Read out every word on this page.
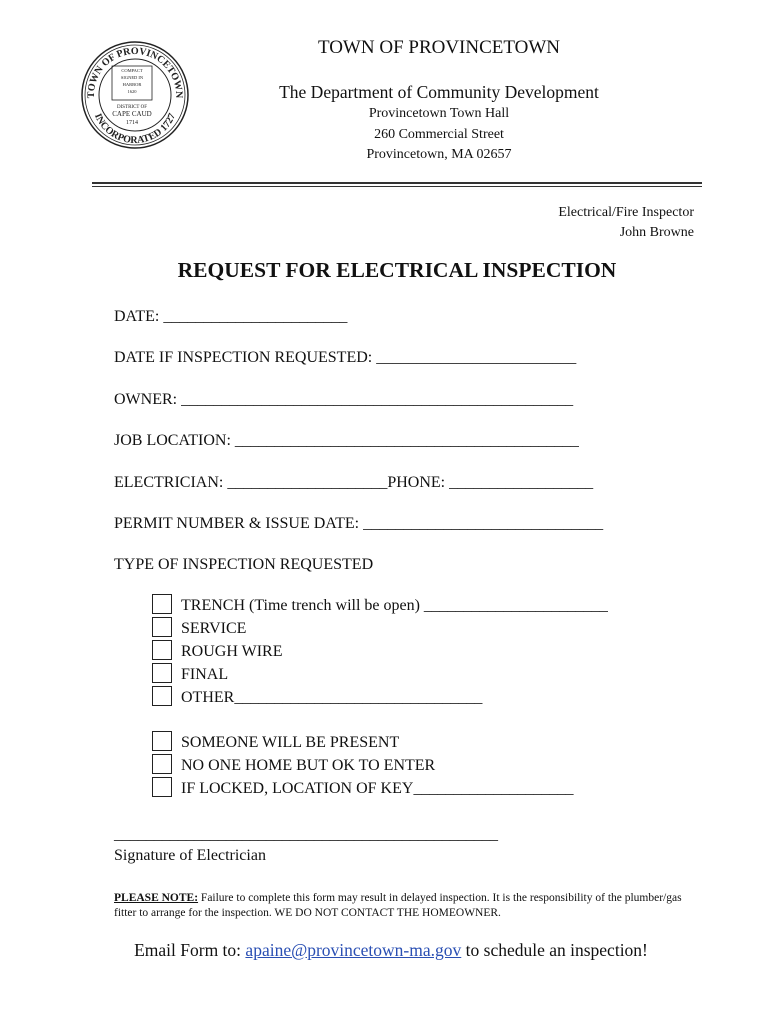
TOWN OF PROVINCETOWN
INCORPORATED 1727
COMPACT
SIGNED IN
HARBOR
1620
DISTRICT OF
CAPE CAUD
1714
TOWN OF PROVINCETOWN
The Department of Community Development
Provincetown Town Hall
260 Commercial Street
Provincetown, MA 02657
Electrical/Fire Inspector
John Browne
REQUEST FOR ELECTRICAL INSPECTION
DATE: _______________________
DATE IF INSPECTION REQUESTED: _________________________
OWNER: _________________________________________________
JOB LOCATION: ___________________________________________
ELECTRICIAN: ____________________PHONE: __________________
PERMIT NUMBER & ISSUE DATE: ______________________________
TYPE OF INSPECTION REQUESTED
TRENCH (Time trench will be open) _______________________
SERVICE
ROUGH WIRE
FINAL
OTHER_______________________________
SOMEONE WILL BE PRESENT
NO ONE HOME BUT OK TO ENTER
IF LOCKED, LOCATION OF KEY____________________
________________________________________________
Signature of Electrician
PLEASE NOTE: Failure to complete this form may result in delayed inspection. It is the responsibility of the plumber/gas fitter to arrange for the inspection. WE DO NOT CONTACT THE HOMEOWNER.
Email Form to: apaine@provincetown-ma.gov to schedule an inspection!
